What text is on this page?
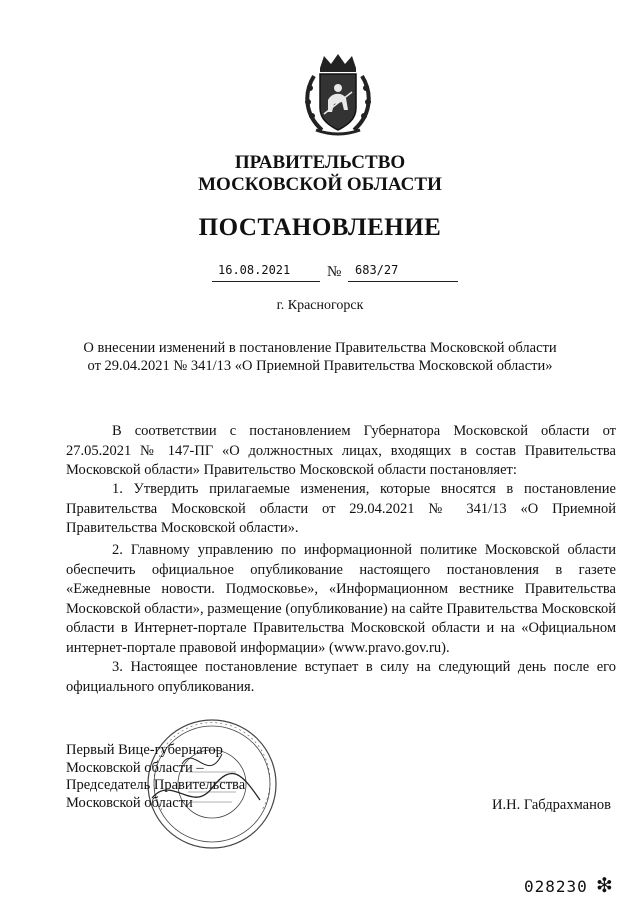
ПРАВИТЕЛЬСТВО
МОСКОВСКОЙ ОБЛАСТИ
ПОСТАНОВЛЕНИЕ
16.08.2021 № 683/27
г. Красногорск
О внесении изменений в постановление Правительства Московской области
от 29.04.2021 № 341/13 «О Приемной Правительства Московской области»

В соответствии с постановлением Губернатора Московской области от 27.05.2021 № 147-ПГ «О должностных лицах, входящих в состав Правительства Московской области» Правительство Московской области постановляет:

1. Утвердить прилагаемые изменения, которые вносятся в постановление Правительства Московской области от 29.04.2021 № 341/13 «О Приемной Правительства Московской области».

2. Главному управлению по информационной политике Московской области обеспечить официальное опубликование настоящего постановления в газете «Ежедневные новости. Подмосковье», «Информационном вестнике Правительства Московской области», размещение (опубликование) на сайте Правительства Московской области в Интернет-портале Правительства Московской области и на «Официальном интернет-портале правовой информации» (www.pravo.gov.ru).

3. Настоящее постановление вступает в силу на следующий день после его официального опубликования.

Первый Вице-губернатор
Московской области –
Председатель Правительства
Московской области	И.Н. Габдрахманов
028230 ❇
